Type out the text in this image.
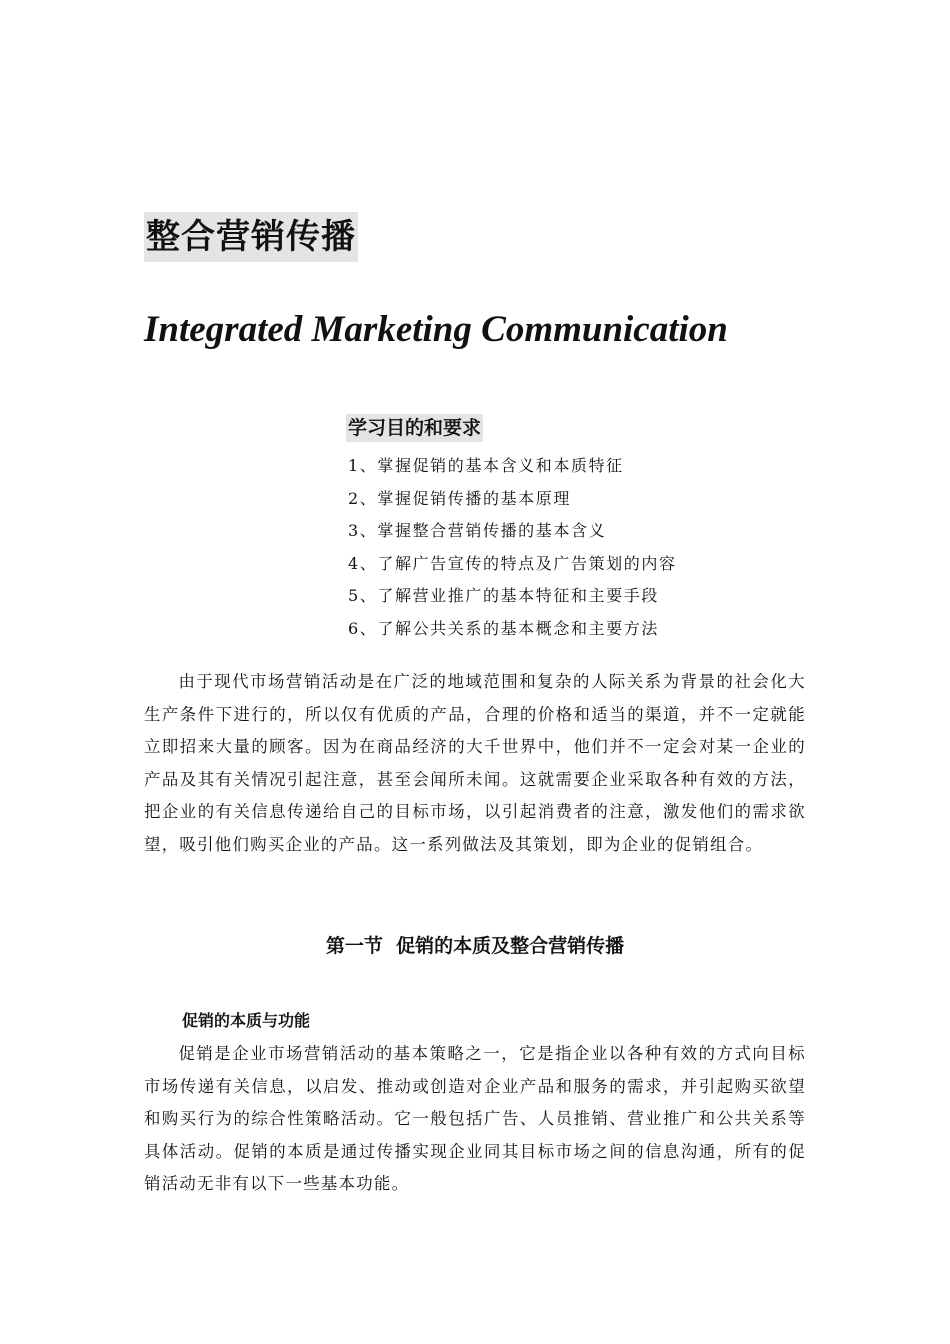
整合营销传播
Integrated Marketing Communication
学习目的和要求
1、掌握促销的基本含义和本质特征
2、掌握促销传播的基本原理
3、掌握整合营销传播的基本含义
4、了解广告宣传的特点及广告策划的内容
5、了解营业推广的基本特征和主要手段
6、了解公共关系的基本概念和主要方法

由于现代市场营销活动是在广泛的地域范围和复杂的人际关系为背景的社会化大生产条件下进行的，所以仅有优质的产品，合理的价格和适当的渠道，并不一定就能立即招来大量的顾客。因为在商品经济的大千世界中，他们并不一定会对某一企业的产品及其有关情况引起注意，甚至会闻所未闻。这就需要企业采取各种有效的方法，把企业的有关信息传递给自己的目标市场，以引起消费者的注意，激发他们的需求欲望，吸引他们购买企业的产品。这一系列做法及其策划，即为企业的促销组合。

第一节  促销的本质及整合营销传播
促销的本质与功能

促销是企业市场营销活动的基本策略之一，它是指企业以各种有效的方式向目标市场传递有关信息，以启发、推动或创造对企业产品和服务的需求，并引起购买欲望和购买行为的综合性策略活动。它一般包括广告、人员推销、营业推广和公共关系等具体活动。促销的本质是通过传播实现企业同其目标市场之间的信息沟通，所有的促销活动无非有以下一些基本功能。
